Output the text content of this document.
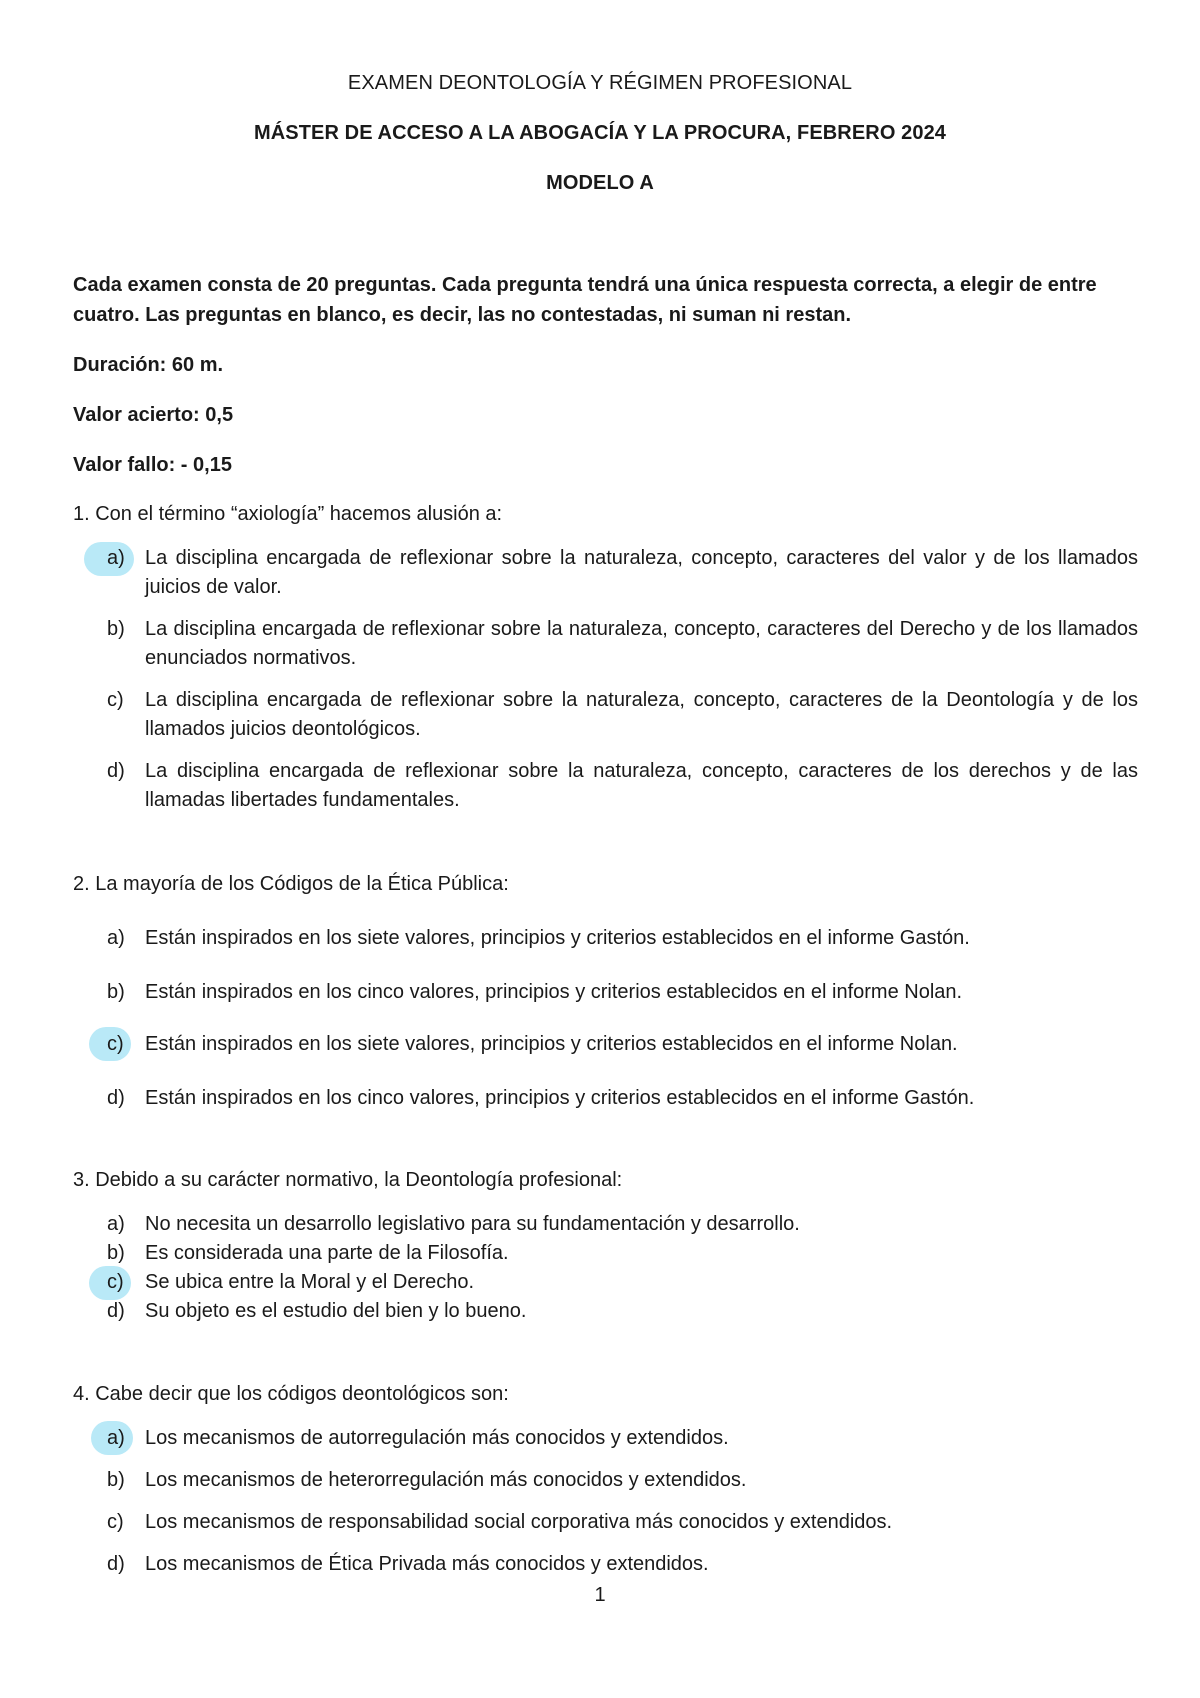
EXAMEN DEONTOLOGÍA Y RÉGIMEN PROFESIONAL
MÁSTER DE ACCESO A LA ABOGACÍA Y LA PROCURA, FEBRERO 2024
MODELO A
Cada examen consta de 20 preguntas. Cada pregunta tendrá una única respuesta correcta, a elegir de entre cuatro. Las preguntas en blanco, es decir, las no contestadas, ni suman ni restan.
Duración: 60 m.
Valor acierto: 0,5
Valor fallo: - 0,15
1. Con el término “axiología” hacemos alusión a:
a)	La disciplina encargada de reflexionar sobre la naturaleza, concepto, caracteres del valor y de los llamados juicios de valor.
b)	La disciplina encargada de reflexionar sobre la naturaleza, concepto, caracteres del Derecho y de los llamados enunciados normativos.
c)	La disciplina encargada de reflexionar sobre la naturaleza, concepto, caracteres de la Deontología y de los llamados juicios deontológicos.
d)	La disciplina encargada de reflexionar sobre la naturaleza, concepto, caracteres de los derechos y de las llamadas libertades fundamentales.
2. La mayoría de los Códigos de la Ética Pública:
a)	Están inspirados en los siete valores, principios y criterios establecidos en el informe Gastón.
b)	Están inspirados en los cinco valores, principios y criterios establecidos en el informe Nolan.
c)	Están inspirados en los siete valores, principios y criterios establecidos en el informe Nolan.
d)	Están inspirados en los cinco valores, principios y criterios establecidos en el informe Gastón.
3. Debido a su carácter normativo, la Deontología profesional:
a)	No necesita un desarrollo legislativo para su fundamentación y desarrollo.
b)	Es considerada una parte de la Filosofía.
c)	Se ubica entre la Moral y el Derecho.
d)	Su objeto es el estudio del bien y lo bueno.
4. Cabe decir que los códigos deontológicos son:
a)	Los mecanismos de autorregulación más conocidos y extendidos.
b)	Los mecanismos de heterorregulación más conocidos y extendidos.
c)	Los mecanismos de responsabilidad social corporativa más conocidos y extendidos.
d)	Los mecanismos de Ética Privada más conocidos y extendidos.
1
